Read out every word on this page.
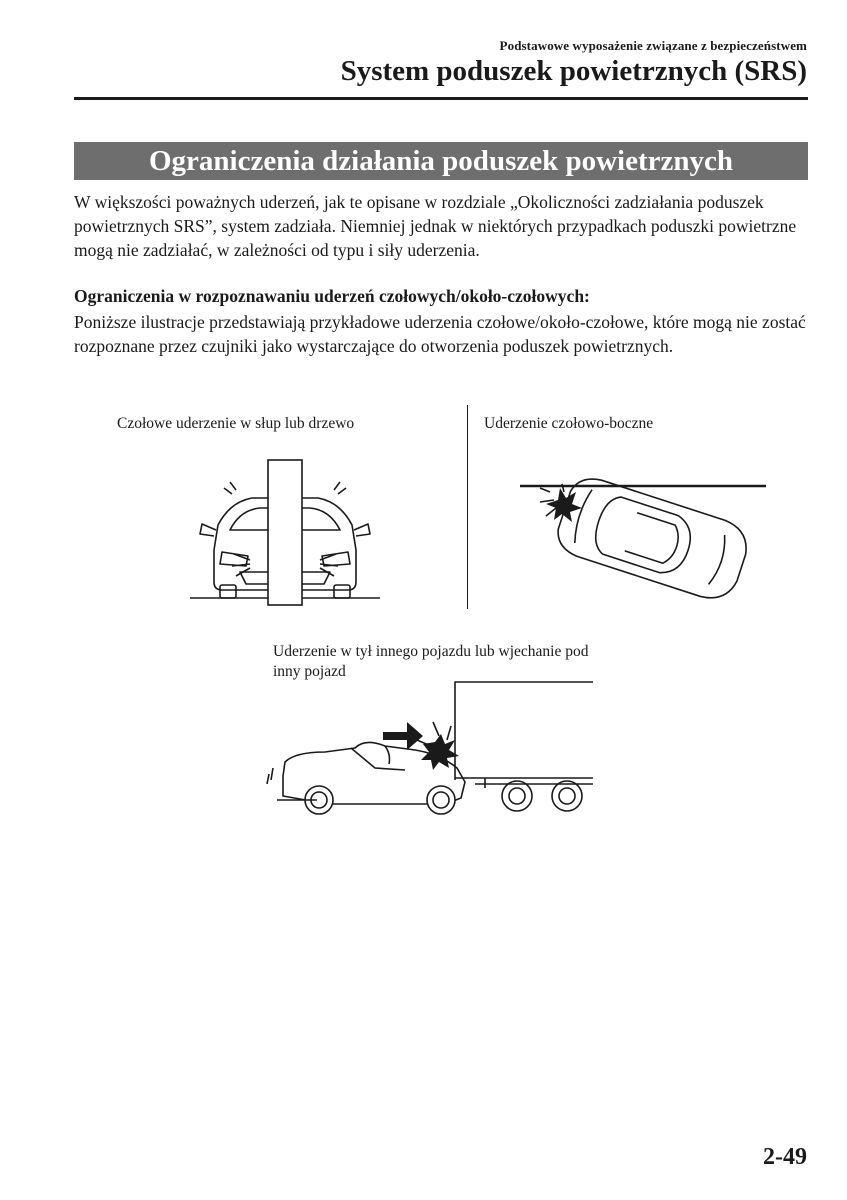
Podstawowe wyposażenie związane z bezpieczeństwem
System poduszek powietrznych (SRS)
Ograniczenia działania poduszek powietrznych
W większości poważnych uderzeń, jak te opisane w rozdziale „Okoliczności zadziałania poduszek powietrznych SRS”, system zadziała. Niemniej jednak w niektórych przypadkach poduszki powietrzne mogą nie zadziałać, w zależności od typu i siły uderzenia.
Ograniczenia w rozpoznawaniu uderzeń czołowych/około-czołowych:
Poniższe ilustracje przedstawiają przykładowe uderzenia czołowe/około-czołowe, które mogą nie zostać rozpoznane przez czujniki jako wystarczające do otworzenia poduszek powietrznych.
Czołowe uderzenie w słup lub drzewo	Uderzenie czołowo-boczne
Uderzenie w tył innego pojazdu lub wjechanie pod inny pojazd
2-49
